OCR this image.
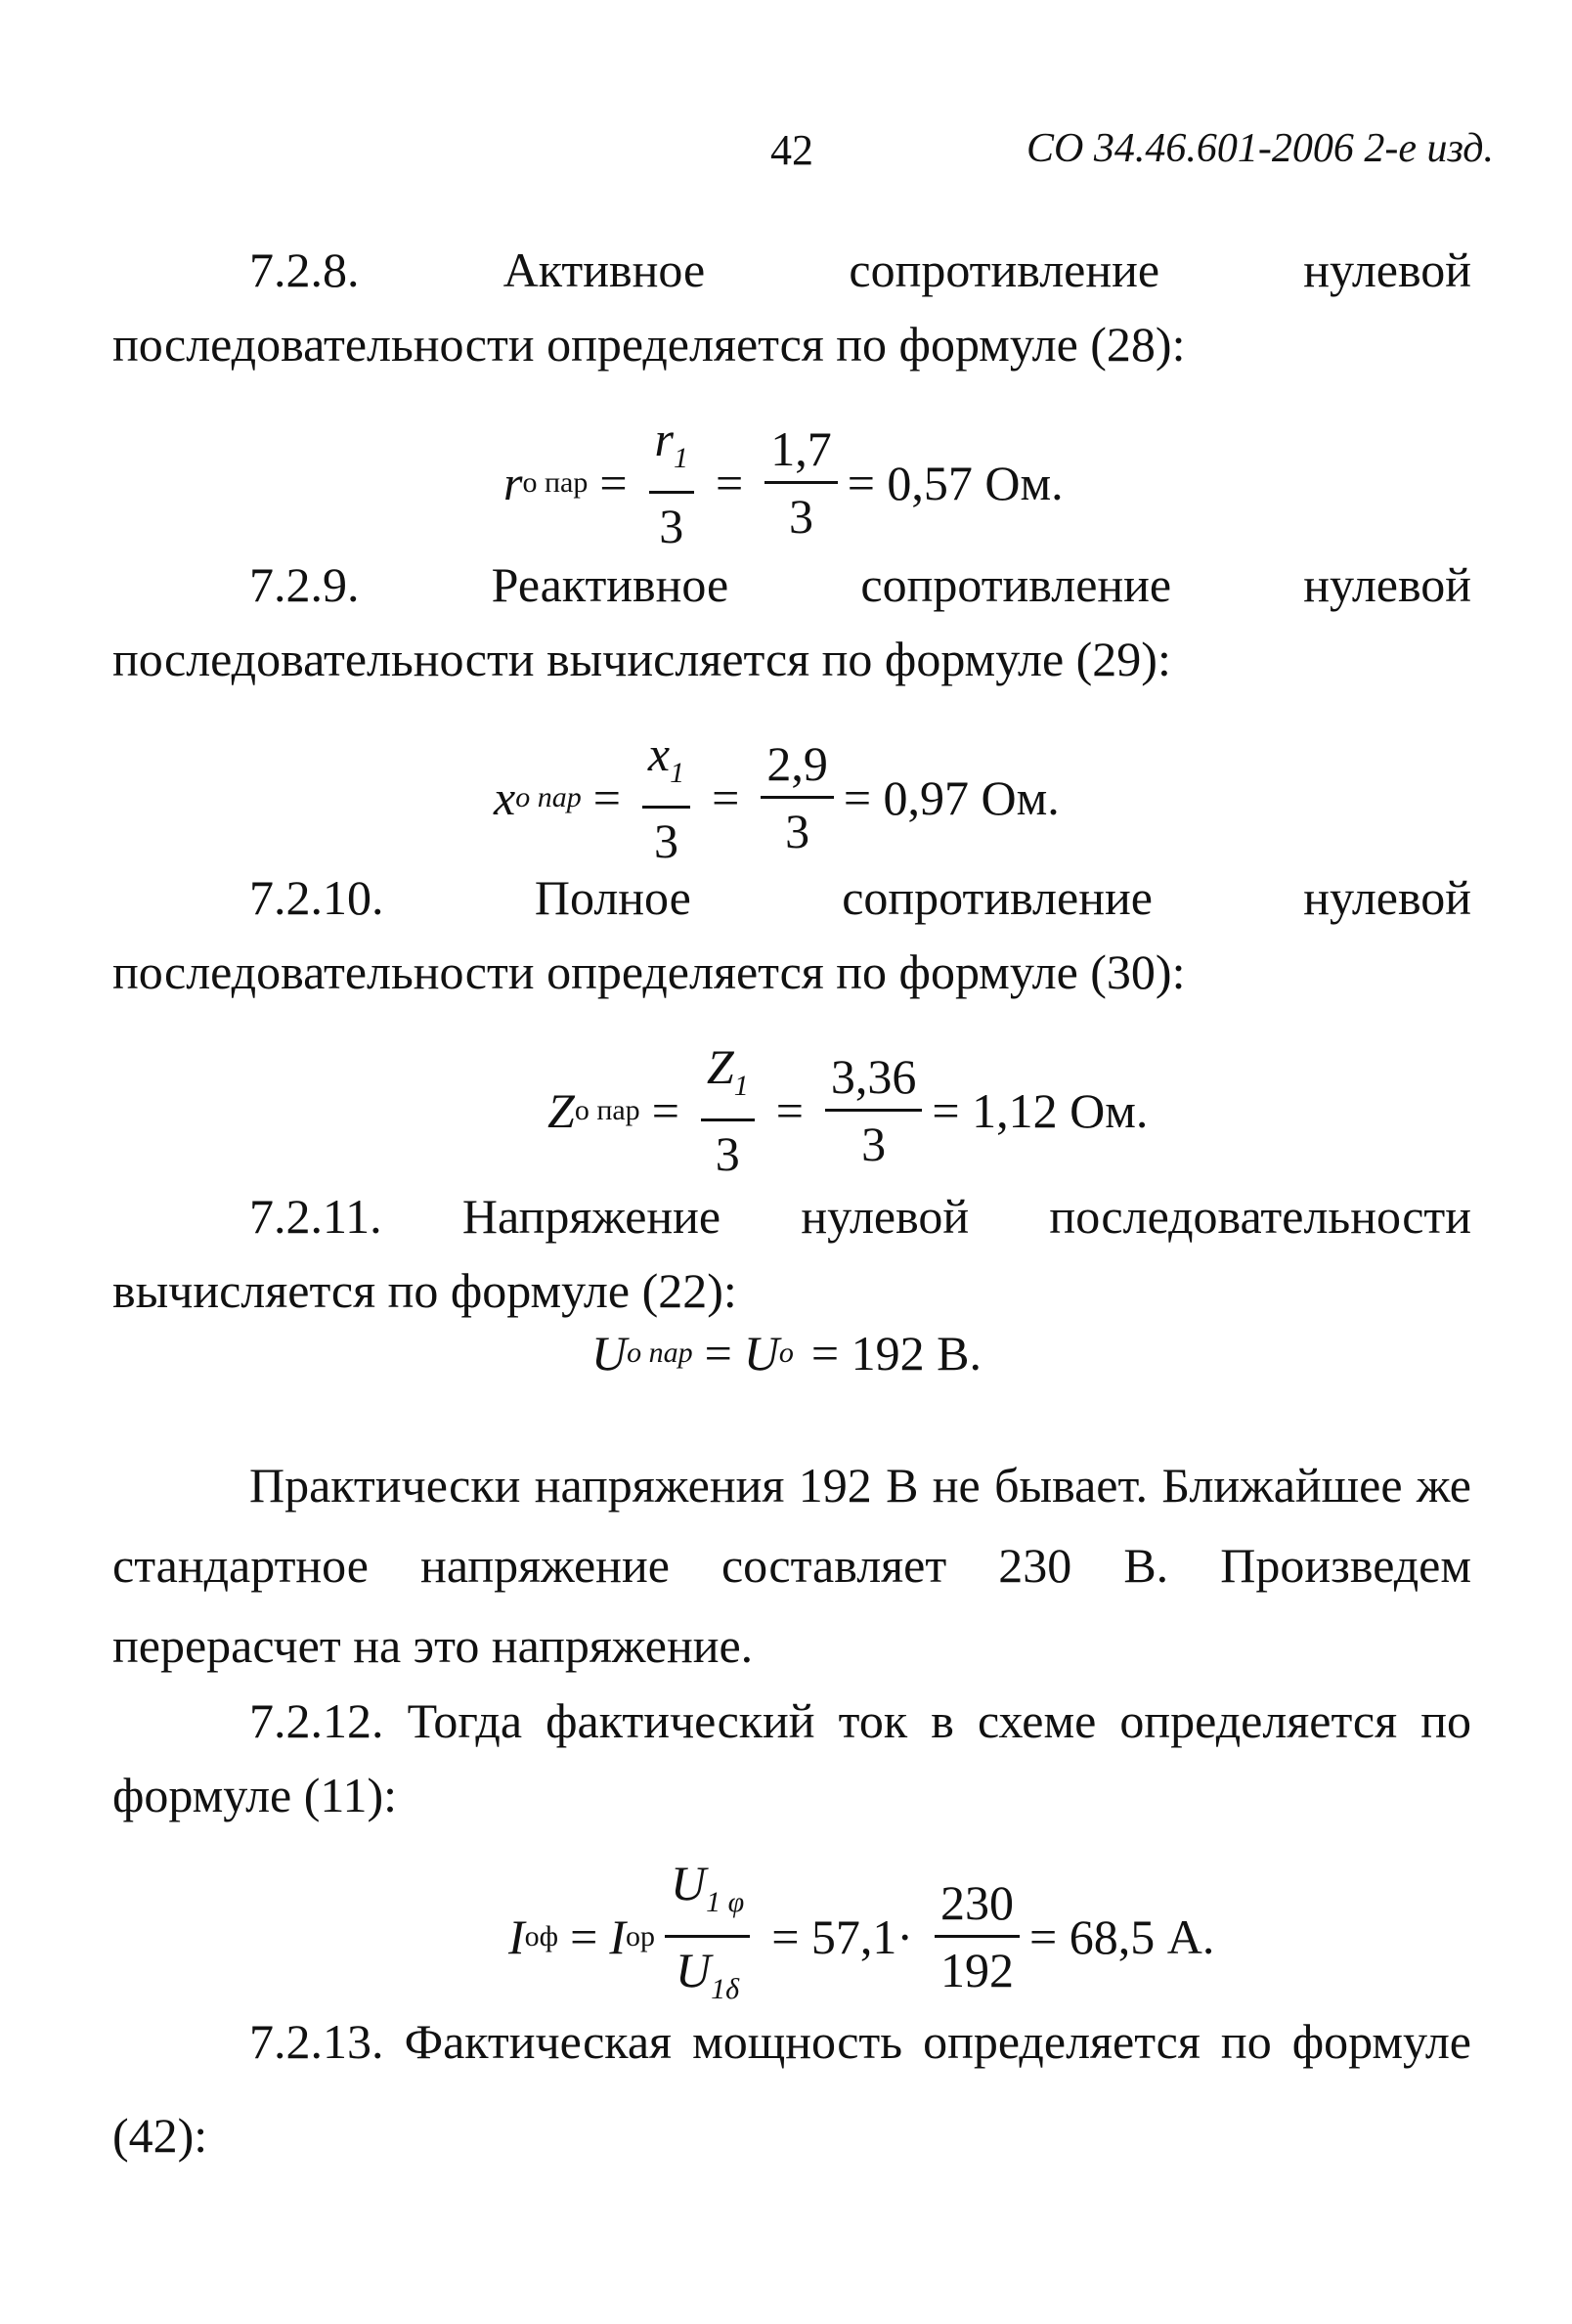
42	СО 34.46.601-2006 2-е изд.
7.2.8. Активное сопротивление нулевой последовательности определяется по формуле (28):
r о пар = $\frac{r_1}{3} = \frac{1,7}{3} = 0,57$ Ом.
7.2.9. Реактивное сопротивление нулевой последовательности вычисляется по формуле (29):
x o пар = $\frac{x_1}{3} = \frac{2,9}{3} = 0,97$ Ом.
7.2.10. Полное сопротивление нулевой последовательности определяется по формуле (30):
Z о пар = $\frac{Z_1}{3} = \frac{3,36}{3} = 1,12$ Ом.
7.2.11. Напряжение нулевой последовательности вычисляется по формуле (22):
U o пар = U o = 192 В.
Практически напряжения 192 В не бывает. Ближайшее же стандартное напряжение составляет 230 В. Произведем перерасчет на это напряжение.
7.2.12. Тогда фактический ток в схеме определяется по формуле (11):
I оф = I ор $\frac{U_{1 \varphi}}{U_{1\delta}} = 57,1\cdot \frac{230}{192} = 68,5$ А.
7.2.13. Фактическая мощность определяется по формуле (42):
